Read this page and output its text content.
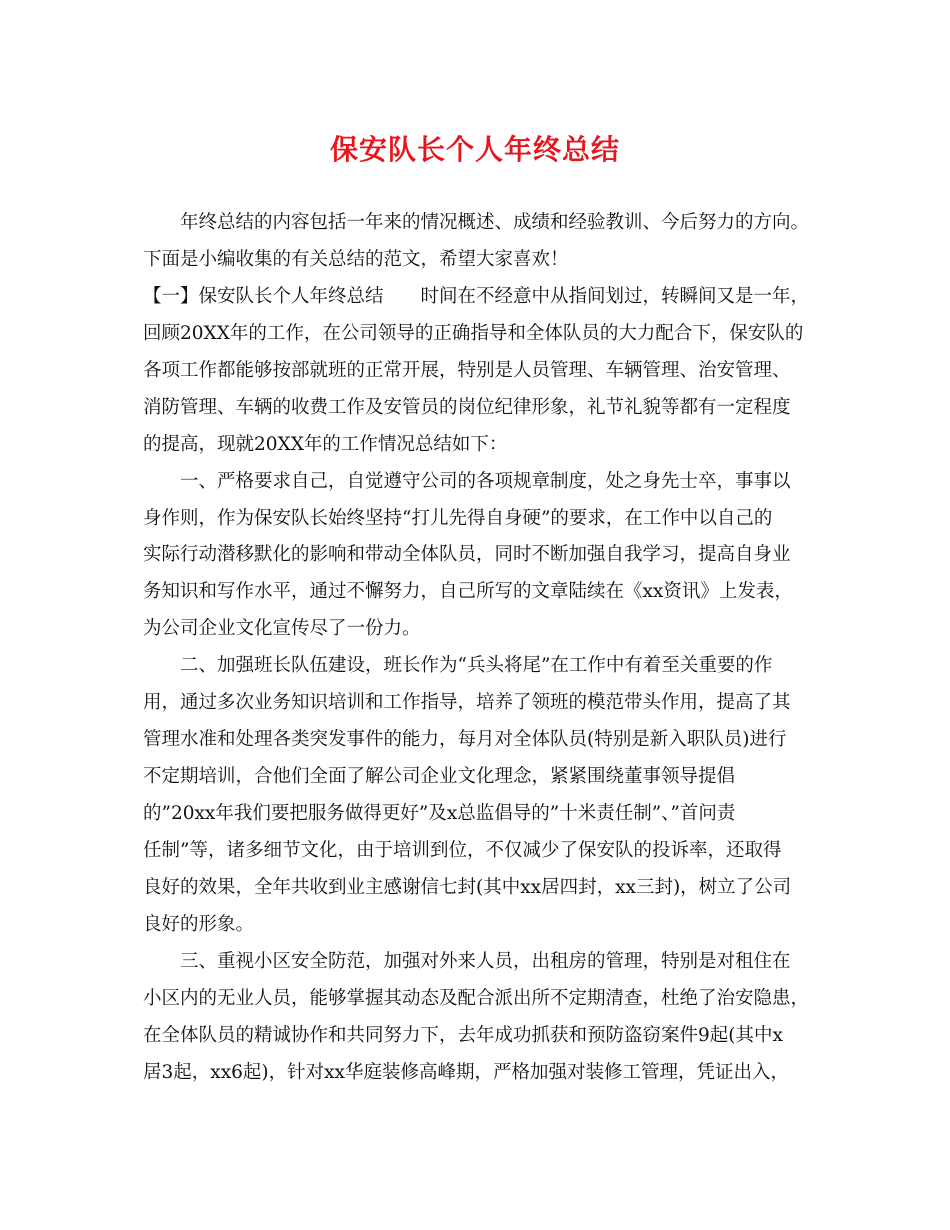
保安队长个人年终总结
年终总结的内容包括一年来的情况概述、成绩和经验教训、今后努力的方向。
下面是小编收集的有关总结的范文，希望大家喜欢！
【一】保安队长个人年终总结　　时间在不经意中从指间划过，转瞬间又是一年，
回顾20XX年的工作，在公司领导的正确指导和全体队员的大力配合下，保安队的
各项工作都能够按部就班的正常开展，特别是人员管理、车辆管理、治安管理、
消防管理、车辆的收费工作及安管员的岗位纪律形象，礼节礼貌等都有一定程度
的提高，现就20XX年的工作情况总结如下：
一、严格要求自己，自觉遵守公司的各项规章制度，处之身先士卒，事事以
身作则，作为保安队长始终坚持“打儿先得自身硬”的要求，在工作中以自己的
实际行动潜移默化的影响和带动全体队员，同时不断加强自我学习，提高自身业
务知识和写作水平，通过不懈努力，自己所写的文章陆续在《xx资讯》上发表，
为公司企业文化宣传尽了一份力。
二、加强班长队伍建设，班长作为“兵头将尾”在工作中有着至关重要的作
用，通过多次业务知识培训和工作指导，培养了领班的模范带头作用，提高了其
管理水准和处理各类突发事件的能力，每月对全体队员(特别是新入职队员)进行
不定期培训，合他们全面了解公司企业文化理念，紧紧围绕董事领导提倡
的”20xx年我们要把服务做得更好”及x总监倡导的”十米责任制”、”首问责
任制”等，诸多细节文化，由于培训到位，不仅减少了保安队的投诉率，还取得
良好的效果，全年共收到业主感谢信七封(其中xx居四封，xx三封)，树立了公司
良好的形象。
三、重视小区安全防范，加强对外来人员，出租房的管理，特别是对租住在
小区内的无业人员，能够掌握其动态及配合派出所不定期清查，杜绝了治安隐患，
在全体队员的精诚协作和共同努力下，去年成功抓获和预防盗窃案件9起(其中x
居3起，xx6起)，针对xx华庭装修高峰期，严格加强对装修工管理，凭证出入，
